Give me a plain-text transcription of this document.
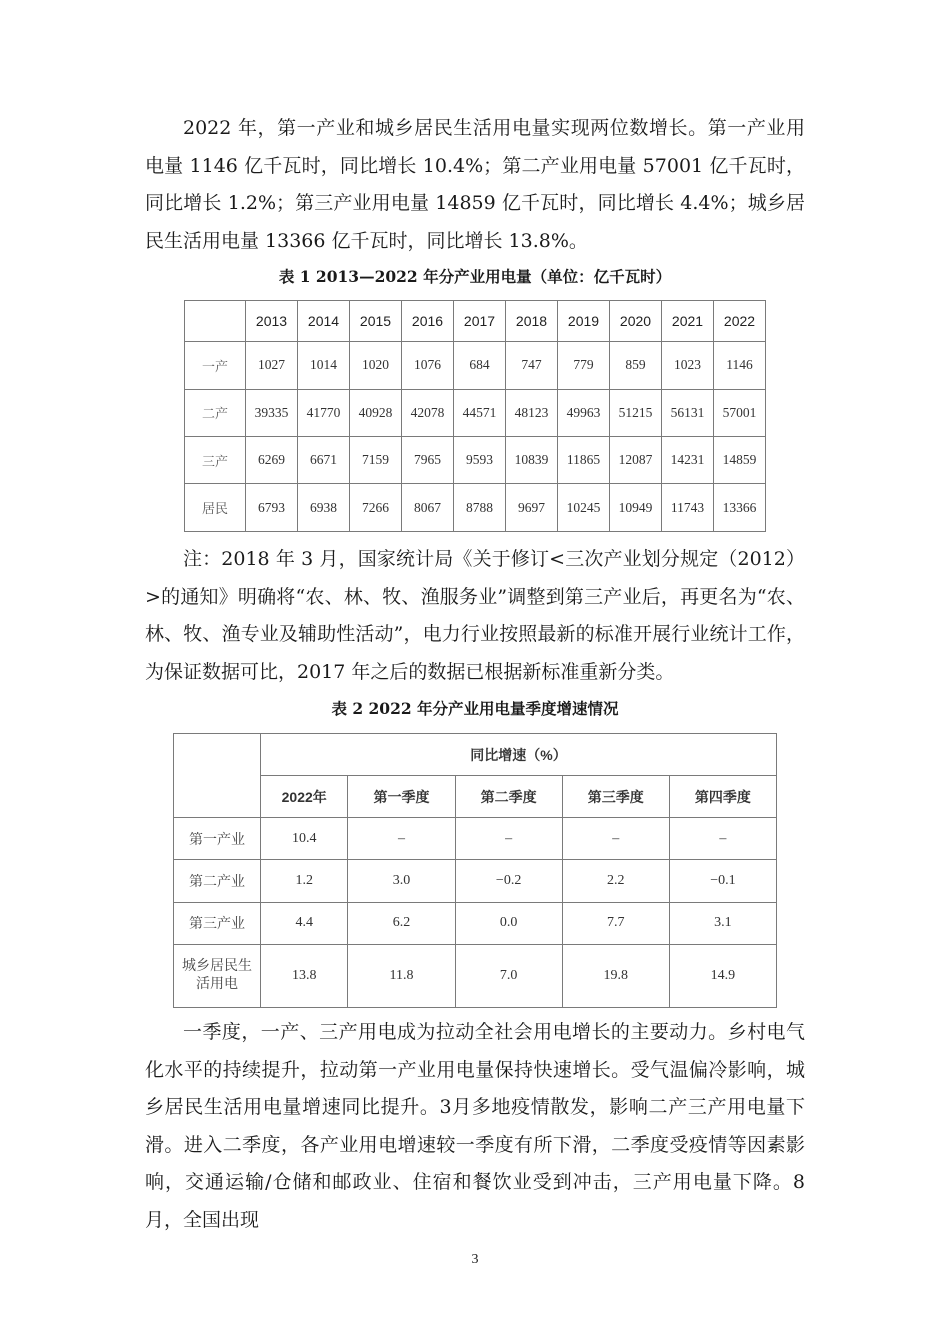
2022 年，第一产业和城乡居民生活用电量实现两位数增长。第一产业用电量 1146 亿千瓦时，同比增长 10.4%；第二产业用电量 57001 亿千瓦时，同比增长 1.2%；第三产业用电量 14859 亿千瓦时，同比增长 4.4%；城乡居民生活用电量 13366 亿千瓦时，同比增长 13.8%。

表 1 2013—2022 年分产业用电量（单位：亿千瓦时）

	2013	2014	2015	2016	2017	2018	2019	2020	2021	2022
一产	1027	1014	1020	1076	684	747	779	859	1023	1146
二产	39335	41770	40928	42078	44571	48123	49963	51215	56131	57001
三产	6269	6671	7159	7965	9593	10839	11865	12087	14231	14859
居民	6793	6938	7266	8067	8788	9697	10245	10949	11743	13366

注：2018 年 3 月，国家统计局《关于修订<三次产业划分规定（2012）>的通知》明确将“农、林、牧、渔服务业”调整到第三产业后，再更名为“农、林、牧、渔专业及辅助性活动”，电力行业按照最新的标准开展行业统计工作，为保证数据可比，2017 年之后的数据已根据新标准重新分类。

表 2 2022 年分产业用电量季度增速情况

	同比增速（%）				
	2022年	第一季度	第二季度	第三季度	第四季度
第一产业	10.4	–	–	–	–
第二产业	1.2	3.0	−0.2	2.2	−0.1
第三产业	4.4	6.2	0.0	7.7	3.1
城乡居民生
活用电	13.8	11.8	7.0	19.8	14.9

一季度，一产、三产用电成为拉动全社会用电增长的主要动力。乡村电气化水平的持续提升，拉动第一产业用电量保持快速增长。受气温偏冷影响，城乡居民生活用电量增速同比提升。3月多地疫情散发，影响二产三产用电量下滑。进入二季度，各产业用电增速较一季度有所下滑，二季度受疫情等因素影响，交通运输/仓储和邮政业、住宿和餐饮业受到冲击，三产用电量下降。8月，全国出现

3
